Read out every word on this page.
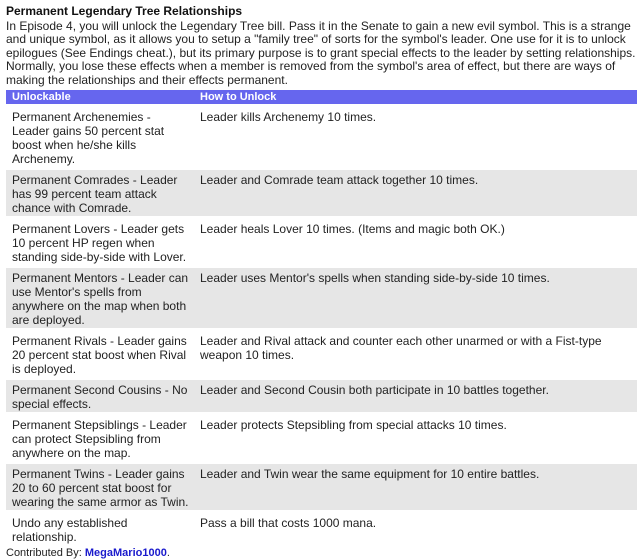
Permanent Legendary Tree Relationships
In Episode 4, you will unlock the Legendary Tree bill. Pass it in the Senate to gain a new evil symbol. This is a strange and unique symbol, as it allows you to setup a "family tree" of sorts for the symbol's leader. One use for it is to unlock epilogues (See Endings cheat.), but its primary purpose is to grant special effects to the leader by setting relationships. Normally, you lose these effects when a member is removed from the symbol's area of effect, but there are ways of making the relationships and their effects permanent.
Unlockable	How to Unlock
Permanent Archenemies - Leader gains 50 percent stat boost when he/she kills Archenemy.	Leader kills Archenemy 10 times.
Permanent Comrades - Leader has 99 percent team attack chance with Comrade.	Leader and Comrade team attack together 10 times.
Permanent Lovers - Leader gets 10 percent HP regen when standing side-by-side with Lover.	Leader heals Lover 10 times. (Items and magic both OK.)
Permanent Mentors - Leader can use Mentor's spells from anywhere on the map when both are deployed.	Leader uses Mentor's spells when standing side-by-side 10 times.
Permanent Rivals - Leader gains 20 percent stat boost when Rival is deployed.	Leader and Rival attack and counter each other unarmed or with a Fist-type weapon 10 times.
Permanent Second Cousins - No special effects.	Leader and Second Cousin both participate in 10 battles together.
Permanent Stepsiblings - Leader can protect Stepsibling from anywhere on the map.	Leader protects Stepsibling from special attacks 10 times.
Permanent Twins - Leader gains 20 to 60 percent stat boost for wearing the same armor as Twin.	Leader and Twin wear the same equipment for 10 entire battles.
Undo any established relationship.	Pass a bill that costs 1000 mana.
Contributed By: MegaMario1000.
